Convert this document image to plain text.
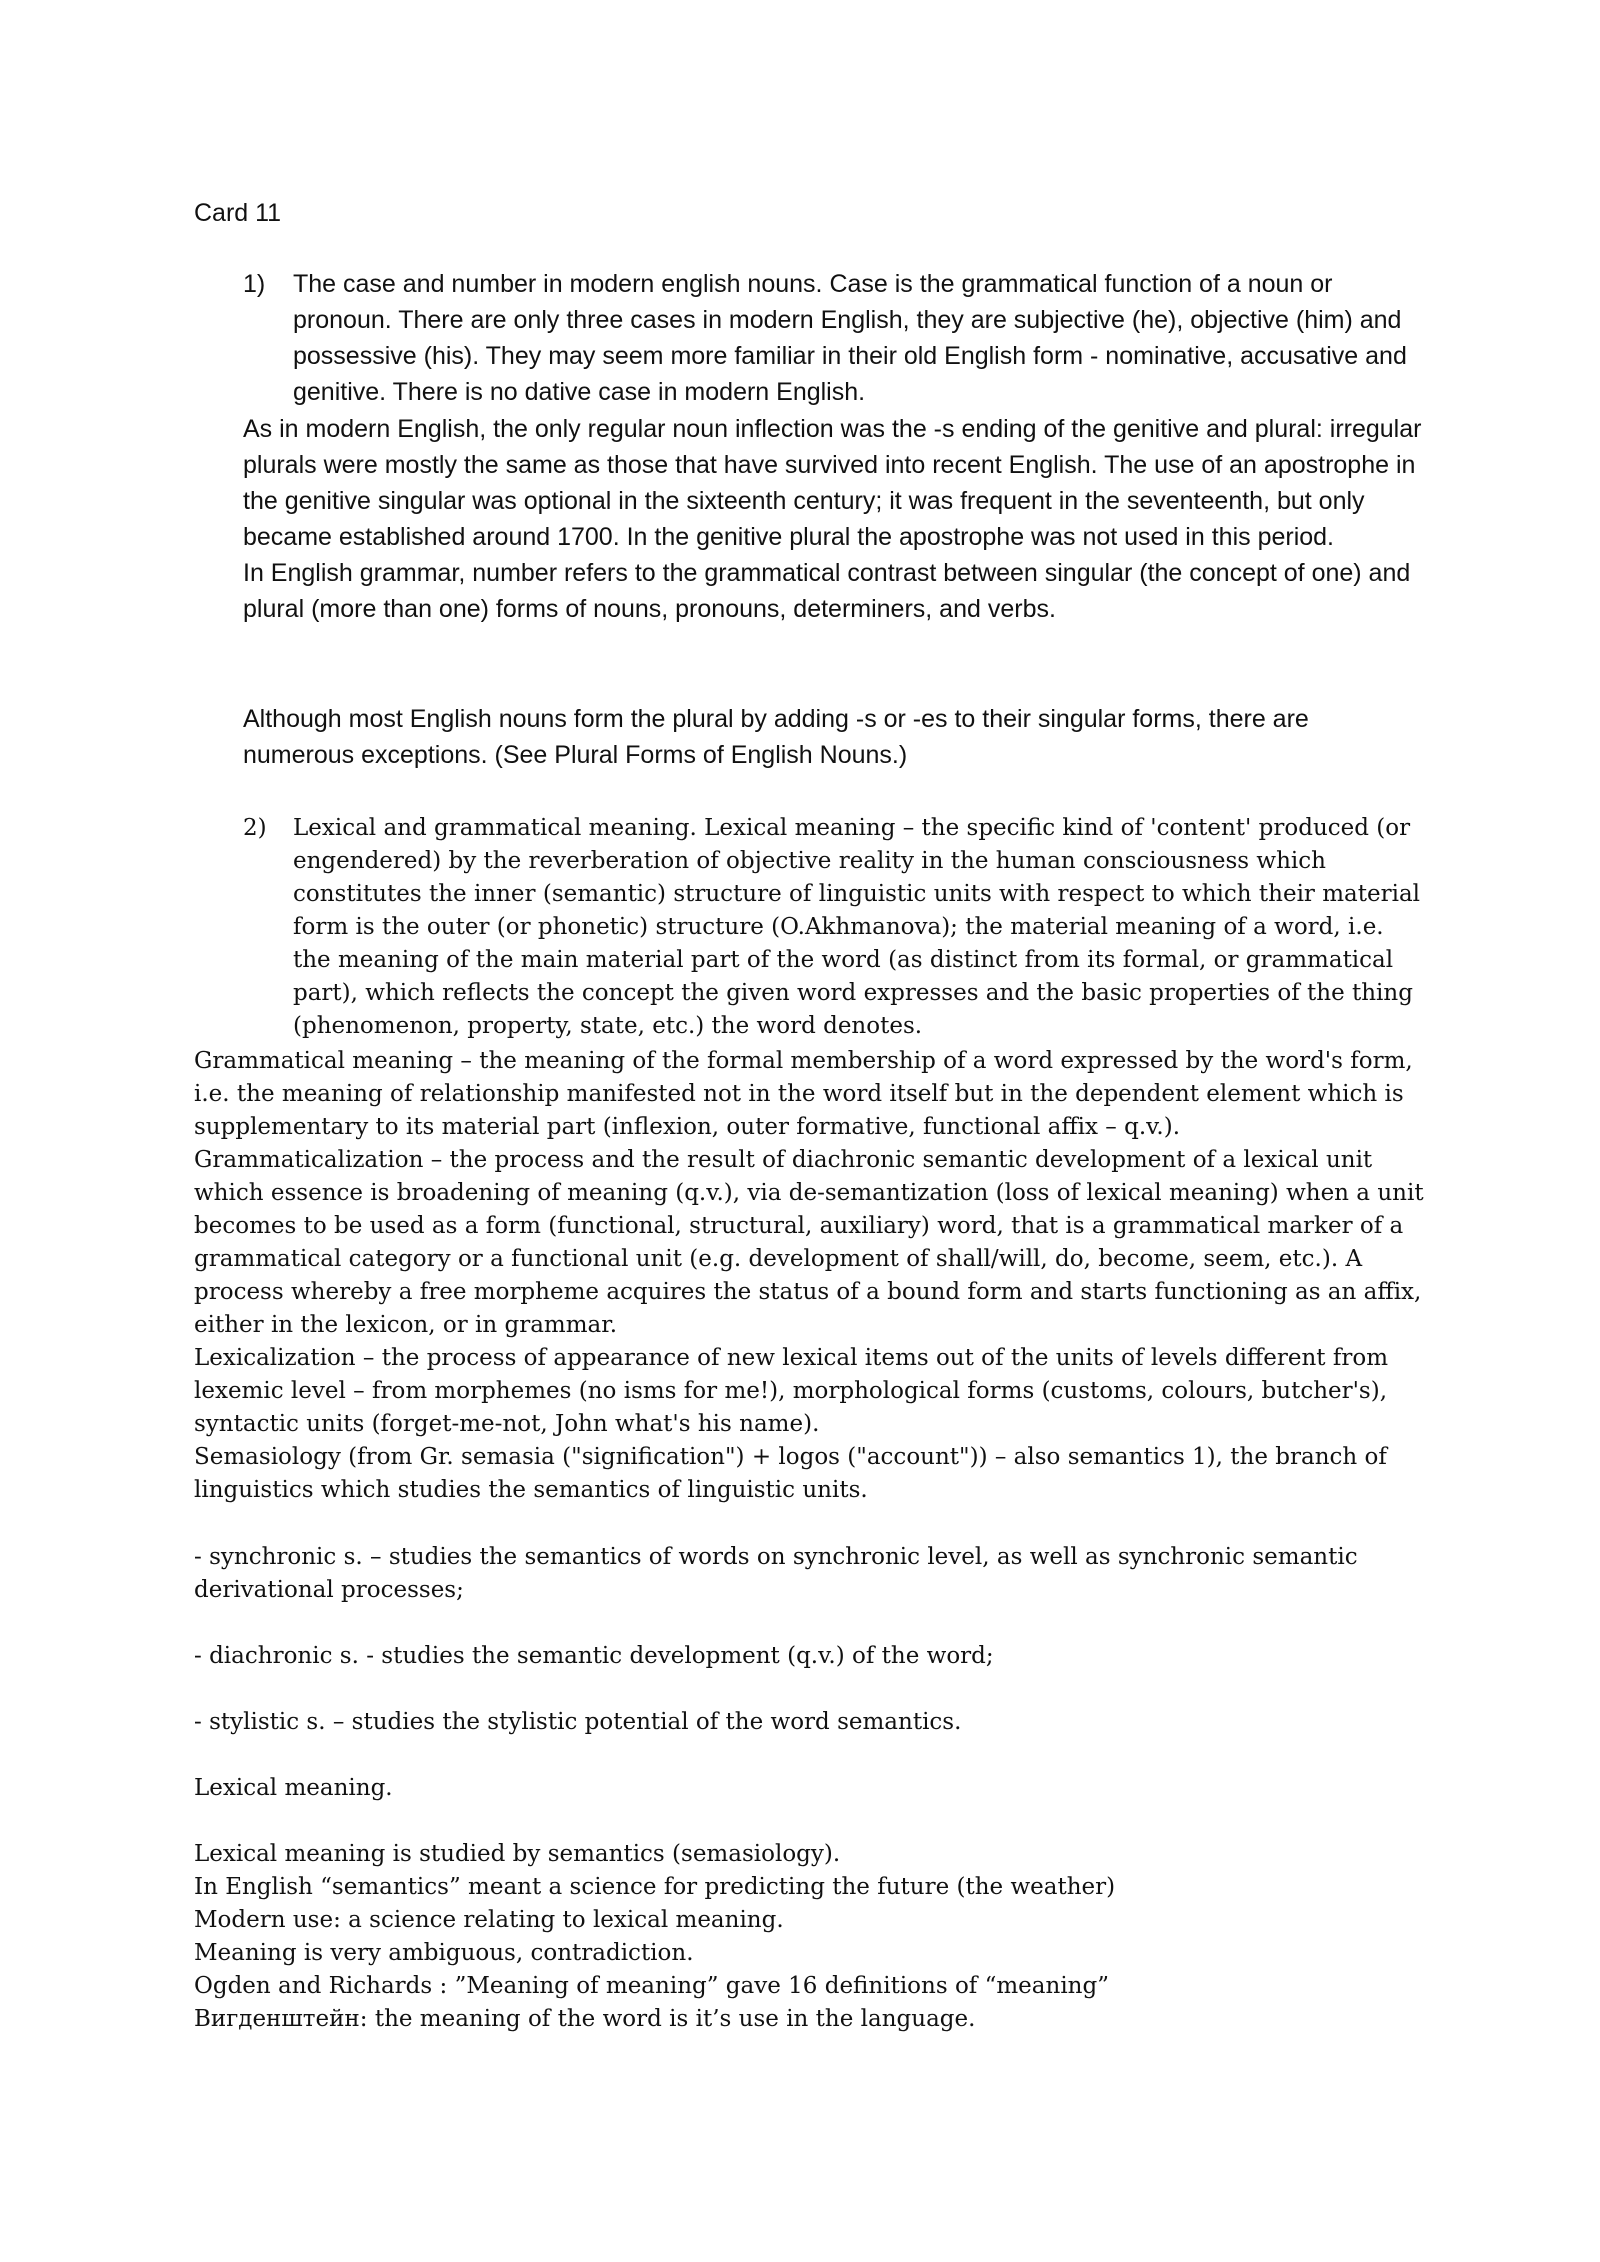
Card 11
1) The case and number in modern english nouns. Case is the grammatical function of a noun or pronoun. There are only three cases in modern English, they are subjective (he), objective (him) and possessive (his). They may seem more familiar in their old English form - nominative, accusative and genitive. There is no dative case in modern English.

As in modern English, the only regular noun inflection was the -s ending of the genitive and plural: irregular plurals were mostly the same as those that have survived into recent English. The use of an apostrophe in the genitive singular was optional in the sixteenth century; it was frequent in the seventeenth, but only became established around 1700. In the genitive plural the apostrophe was not used in this period.

In English grammar, number refers to the grammatical contrast between singular (the concept of one) and plural (more than one) forms of nouns, pronouns, determiners, and verbs.

Although most English nouns form the plural by adding -s or -es to their singular forms, there are numerous exceptions. (See Plural Forms of English Nouns.)

2) Lexical and grammatical meaning. Lexical meaning – the specific kind of 'content' produced (or engendered) by the reverberation of objective reality in the human consciousness which constitutes the inner (semantic) structure of linguistic units with respect to which their material form is the outer (or phonetic) structure (O.Akhmanova); the material meaning of a word, i.e. the meaning of the main material part of the word (as distinct from its formal, or grammatical part), which reflects the concept the given word expresses and the basic properties of the thing (phenomenon, property, state, etc.) the word denotes.

Grammatical meaning – the meaning of the formal membership of a word expressed by the word's form, i.e. the meaning of relationship manifested not in the word itself but in the dependent element which is supplementary to its material part (inflexion, outer formative, functional affix – q.v.).

Grammaticalization – the process and the result of diachronic semantic development of a lexical unit which essence is broadening of meaning (q.v.), via de-semantization (loss of lexical meaning) when a unit becomes to be used as a form (functional, structural, auxiliary) word, that is a grammatical marker of a grammatical category or a functional unit (e.g. development of shall/will, do, become, seem, etc.). A process whereby a free morpheme acquires the status of a bound form and starts functioning as an affix, either in the lexicon, or in grammar.

Lexicalization – the process of appearance of new lexical items out of the units of levels different from lexemic level – from morphemes (no isms for me!), morphological forms (customs, colours, butcher's), syntactic units (forget-me-not, John what's his name).

Semasiology (from Gr. semasia ("signification") + logos ("account")) – also semantics 1), the branch of linguistics which studies the semantics of linguistic units.

- synchronic s. – studies the semantics of words on synchronic level, as well as synchronic semantic derivational processes;

- diachronic s. - studies the semantic development (q.v.) of the word;

- stylistic s. – studies the stylistic potential of the word semantics.

Lexical meaning.

Lexical meaning is studied by semantics (semasiology).

In English “semantics” meant a science for predicting the future (the weather)

Modern use: a science relating to lexical meaning.

Meaning is very ambiguous, contradiction.

Ogden and Richards : ”Meaning of meaning” gave 16 definitions of “meaning”

Вигденштейн: the meaning of the word is it’s use in the language.
